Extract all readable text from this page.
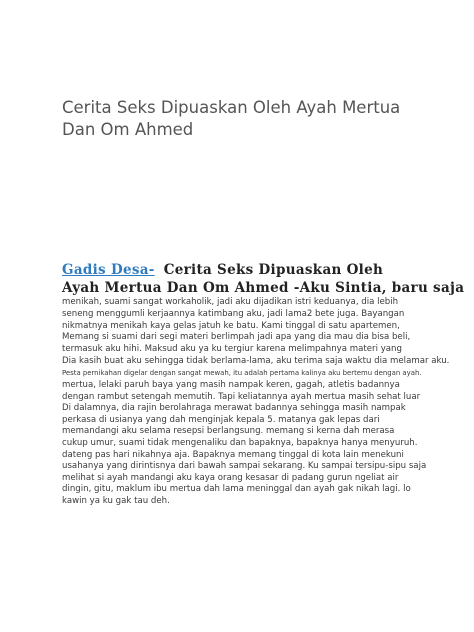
Cerita Seks Dipuaskan Oleh Ayah Mertua Dan Om Ahmed
Gadis Desa- Cerita Seks Dipuaskan Oleh
Ayah Mertua Dan Om Ahmed -Aku Sintia, baru saja
menikah, suami sangat workaholik, jadi aku dijadikan istri keduanya, dia lebih
seneng menggumli kerjaannya katimbang aku, jadi lama2 bete juga. Bayangan
nikmatnya menikah kaya gelas jatuh ke batu. Kami tinggal di satu apartemen,
Memang si suami dari segi materi berlimpah jadi apa yang dia mau dia bisa beli,
termasuk aku hihi. Maksud aku ya ku tergiur karena melimpahnya materi yang
Dia kasih buat aku sehingga tidak berlama-lama, aku terima saja waktu dia melamar aku.
Pesta pernikahan digelar dengan sangat mewah, itu adalah pertama kalinya aku bertemu dengan ayah.
mertua, lelaki paruh baya yang masih nampak keren, gagah, atletis badannya
dengan rambut setengah memutih. Tapi keliatannya ayah mertua masih sehat luar
Di dalamnya, dia rajin berolahraga merawat badannya sehingga masih nampak
perkasa di usianya yang dah menginjak kepala 5. matanya gak lepas dari
memandangi aku selama resepsi berlangsung. memang si kerna dah merasa
cukup umur, suami tidak mengenaliku dan bapaknya, bapaknya hanya menyuruh.
dateng pas hari nikahnya aja. Bapaknya memang tinggal di kota lain menekuni
usahanya yang dirintisnya dari bawah sampai sekarang. Ku sampai tersipu-sipu saja
melihat si ayah mandangi aku kaya orang kesasar di padang gurun ngeliat air
dingin, gitu, maklum ibu mertua dah lama meninggal dan ayah gak nikah lagi. lo
kawin ya ku gak tau deh.
